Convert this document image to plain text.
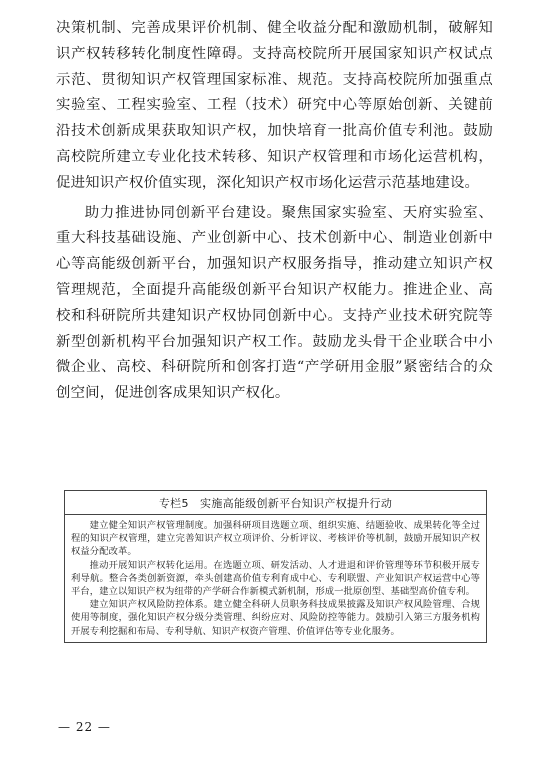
决策机制、完善成果评价机制、健全收益分配和激励机制，破解知识产权转移转化制度性障碍。支持高校院所开展国家知识产权试点示范、贯彻知识产权管理国家标准、规范。支持高校院所加强重点实验室、工程实验室、工程（技术）研究中心等原始创新、关键前沿技术创新成果获取知识产权，加快培育一批高价值专利池。鼓励高校院所建立专业化技术转移、知识产权管理和市场化运营机构，促进知识产权价值实现，深化知识产权市场化运营示范基地建设。

助力推进协同创新平台建设。聚焦国家实验室、天府实验室、重大科技基础设施、产业创新中心、技术创新中心、制造业创新中心等高能级创新平台，加强知识产权服务指导，推动建立知识产权管理规范，全面提升高能级创新平台知识产权能力。推进企业、高校和科研院所共建知识产权协同创新中心。支持产业技术研究院等新型创新机构平台加强知识产权工作。鼓励龙头骨干企业联合中小微企业、高校、科研院所和创客打造“产学研用金服”紧密结合的众创空间，促进创客成果知识产权化。

专栏5　实施高能级创新平台知识产权提升行动

建立健全知识产权管理制度。加强科研项目选题立项、组织实施、结题验收、成果转化等全过程的知识产权管理，建立完善知识产权立项评价、分析评议、考核评价等机制，鼓励开展知识产权权益分配改革。

推动开展知识产权转化运用。在选题立项、研发活动、人才进退和评价管理等环节积极开展专利导航。整合各类创新资源，牵头创建高价值专利育成中心、专利联盟、产业知识产权运营中心等平台，建立以知识产权为纽带的产学研合作新模式新机制，形成一批原创型、基础型高价值专利。

建立知识产权风险防控体系。建立健全科研人员职务科技成果披露及知识产权风险管理、合规使用等制度，强化知识产权分级分类管理、纠纷应对、风险防控等能力。鼓励引入第三方服务机构开展专利挖掘和布局、专利导航、知识产权资产管理、价值评估等专业化服务。

— 22 —
